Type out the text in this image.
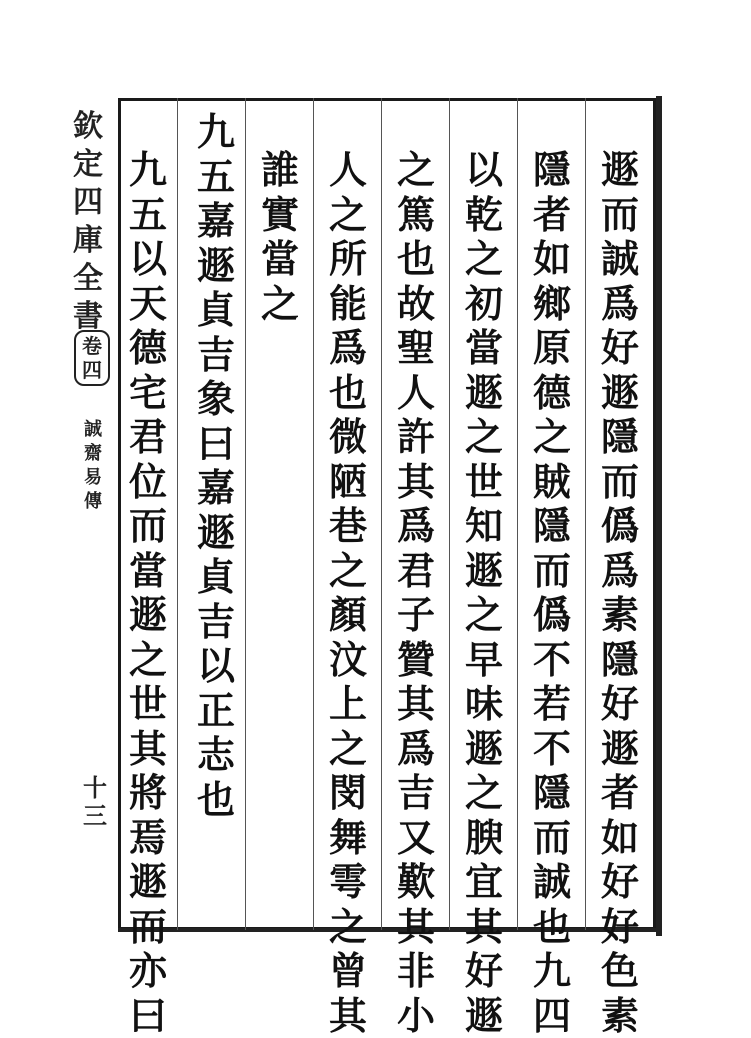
欽
定
四
庫
全
書
卷
四
誠
齋
易
傳
十
三
遯
而
誠
爲
好
遯
隱
而
僞
爲
素
隱
好
遯
者
如
好
好
色
素
隱
者
如
鄉
原
德
之
賊
隱
而
僞
不
若
不
隱
而
誠
也
九
四
以
乾
之
初
當
遯
之
世
知
遯
之
早
味
遯
之
腴
宜
其
好
遯
之
篤
也
故
聖
人
許
其
爲
君
子
贊
其
爲
吉
又
歎
其
非
小
人
之
所
能
爲
也
微
陋
巷
之
顏
汶
上
之
閔
舞
雩
之
曾
其
誰
實
當
之
九
五
嘉
遯
貞
吉
象
曰
嘉
遯
貞
吉
以
正
志
也
九
五
以
天
德
宅
君
位
而
當
遯
之
世
其
將
焉
遯
而
亦
曰
